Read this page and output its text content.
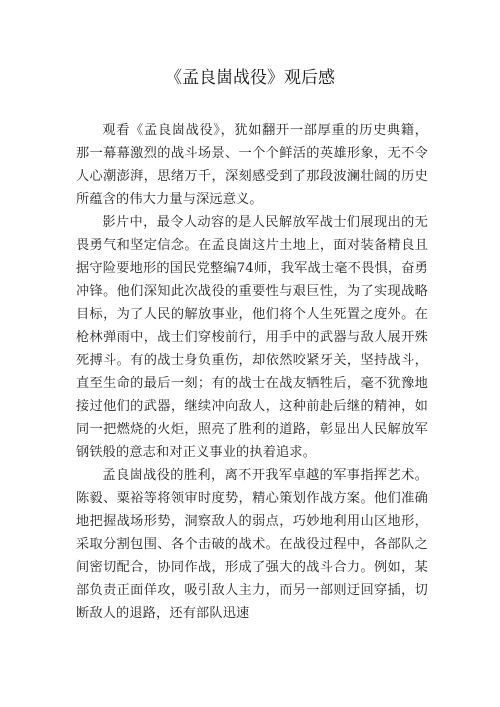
《孟良崮战役》观后感

观看《孟良崮战役》，犹如翻开一部厚重的历史典籍，那一幕幕激烈的战斗场景、一个个鲜活的英雄形象，无不令人心潮澎湃，思绪万千，深刻感受到了那段波澜壮阔的历史所蕴含的伟大力量与深远意义。

影片中，最令人动容的是人民解放军战士们展现出的无畏勇气和坚定信念。在孟良崮这片土地上，面对装备精良且据守险要地形的国民党整编74师，我军战士毫不畏惧，奋勇冲锋。他们深知此次战役的重要性与艰巨性，为了实现战略目标，为了人民的解放事业，他们将个人生死置之度外。在枪林弹雨中，战士们穿梭前行，用手中的武器与敌人展开殊死搏斗。有的战士身负重伤，却依然咬紧牙关，坚持战斗，直至生命的最后一刻；有的战士在战友牺牲后，毫不犹豫地接过他们的武器，继续冲向敌人，这种前赴后继的精神，如同一把燃烧的火炬，照亮了胜利的道路，彰显出人民解放军钢铁般的意志和对正义事业的执着追求。

孟良崮战役的胜利，离不开我军卓越的军事指挥艺术。陈毅、粟裕等将领审时度势，精心策划作战方案。他们准确地把握战场形势，洞察敌人的弱点，巧妙地利用山区地形，采取分割包围、各个击破的战术。在战役过程中，各部队之间密切配合，协同作战，形成了强大的战斗合力。例如，某部负责正面佯攻，吸引敌人主力，而另一部则迂回穿插，切断敌人的退路，还有部队迅速
